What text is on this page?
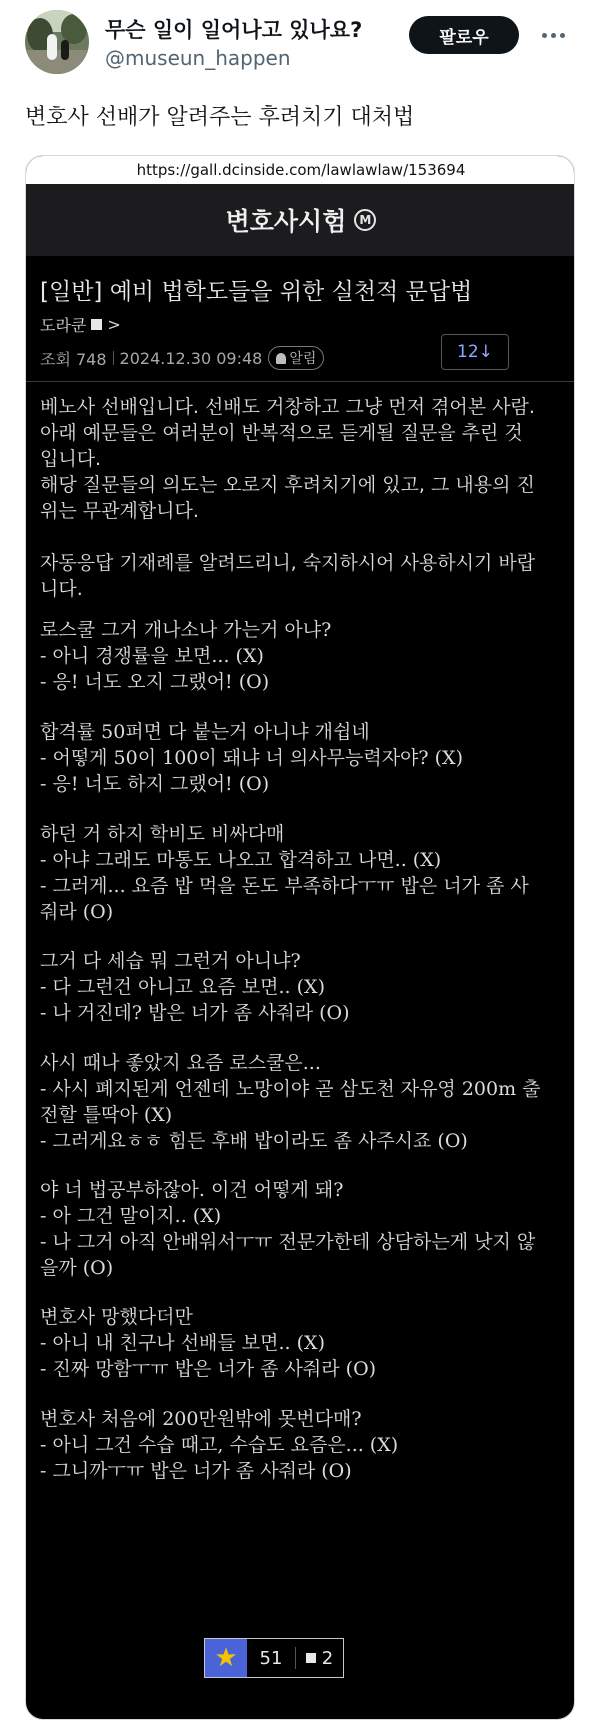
무슨 일이 일어나고 있나요?
@museun_happen
팔로우
변호사 선배가 알려주는 후려치기 대처법
https://gall.dcinside.com/lawlawlaw/153694
변호사시험	M
[일반] 예비 법학도들을 위한 실천적 문답법
도라쿤 >
조회 748 2024.12.30 09:48 알림	12↓

베노사 선배입니다. 선배도 거창하고 그냥 먼저 겪어본 사람.

아래 예문들은 여러분이 반복적으로 듣게될 질문을 추린 것

입니다.

해당 질문들의 의도는 오로지 후려치기에 있고, 그 내용의 진

위는 무관계합니다.

자동응답 기재례를 알려드리니, 숙지하시어 사용하시기 바랍

니다.

로스쿨 그거 개나소나 가는거 아냐?

- 아니 경쟁률을 보면... (X)

- 응! 너도 오지 그랬어! (O)

합격률 50퍼면 다 붙는거 아니냐 개쉽네

- 어떻게 50이 100이 돼냐 너 의사무능력자야? (X)

- 응! 너도 하지 그랬어! (O)

하던 거 하지 학비도 비싸다매

- 아냐 그래도 마통도 나오고 합격하고 나면.. (X)

- 그러게... 요즘 밥 먹을 돈도 부족하다ㅜㅠ 밥은 너가 좀 사

줘라 (O)

그거 다 세습 뭐 그런거 아니냐?

- 다 그런건 아니고 요즘 보면.. (X)

- 나 거진데? 밥은 너가 좀 사줘라 (O)

사시 때나 좋았지 요즘 로스쿨은...

- 사시 폐지된게 언젠데 노망이야 곧 삼도천 자유영 200m 출

전할 틀딱아 (X)

- 그러게요ㅎㅎ 힘든 후배 밥이라도 좀 사주시죠 (O)

야 너 법공부하잖아. 이건 어떻게 돼?

- 아 그건 말이지.. (X)

- 나 그거 아직 안배워서ㅜㅠ 전문가한테 상담하는게 낫지 않

을까 (O)

변호사 망했다더만

- 아니 내 친구나 선배들 보면.. (X)

- 진짜 망함ㅜㅠ 밥은 너가 좀 사줘라 (O)

변호사 처음에 200만원밖에 못번다매?

- 아니 그건 수습 때고, 수습도 요즘은... (X)

- 그니까ㅜㅠ 밥은 너가 좀 사줘라 (O)

★	51	2
